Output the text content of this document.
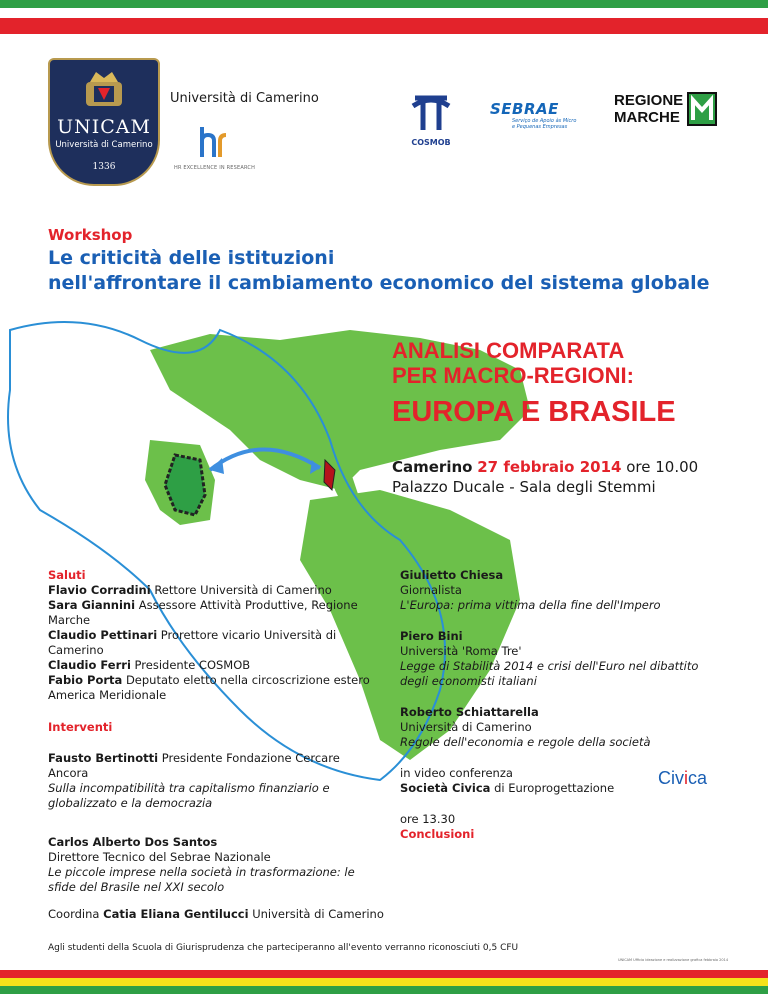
UNICAM
Università di Camerino
1336
Università di Camerino
HR EXCELLENCE IN RESEARCH
COSMOB
SEBRAE
Serviço de Apoio às Micro e Pequenas Empresas
REGIONE
MARCHE
Workshop
Le criticità delle istituzioni
nell'affrontare il cambiamento economico del sistema globale
ANALISI COMPARATA
PER MACRO-REGIONI:
EUROPA E BRASILE
Camerino 27 febbraio 2014 ore 10.00
Palazzo Ducale - Sala degli Stemmi
Saluti
Flavio Corradini Rettore Università di Camerino
Sara Giannini Assessore Attività Produttive, Regione Marche
Claudio Pettinari Prorettore vicario Università di Camerino
Claudio Ferri Presidente COSMOB
Fabio Porta Deputato eletto nella circoscrizione estero America Meridionale
Interventi
Fausto Bertinotti Presidente Fondazione Cercare Ancora
Sulla incompatibilità tra capitalismo finanziario e globalizzato e la democrazia
Carlos Alberto Dos Santos
Direttore Tecnico del Sebrae Nazionale
Le piccole imprese nella società in trasformazione: le sfide del Brasile nel XXI secolo
Giulietto Chiesa
Giornalista
L'Europa: prima vittima della fine dell'Impero
Piero Bini
Università 'Roma Tre'
Legge di Stabilità 2014 e crisi dell'Euro nel dibattito degli economisti italiani
Roberto Schiattarella
Università di Camerino
Regole dell'economia e regole della società
in video conferenza
Società Civica di Europrogettazione
ore 13.30
Conclusioni
Civica
Coordina Catia Eliana Gentilucci Università di Camerino
Agli studenti della Scuola di Giurisprudenza che parteciperanno all'evento verranno riconosciuti 0,5 CFU
UNICAM Ufficio ideazione e realizzazione grafica febbraio 2014
